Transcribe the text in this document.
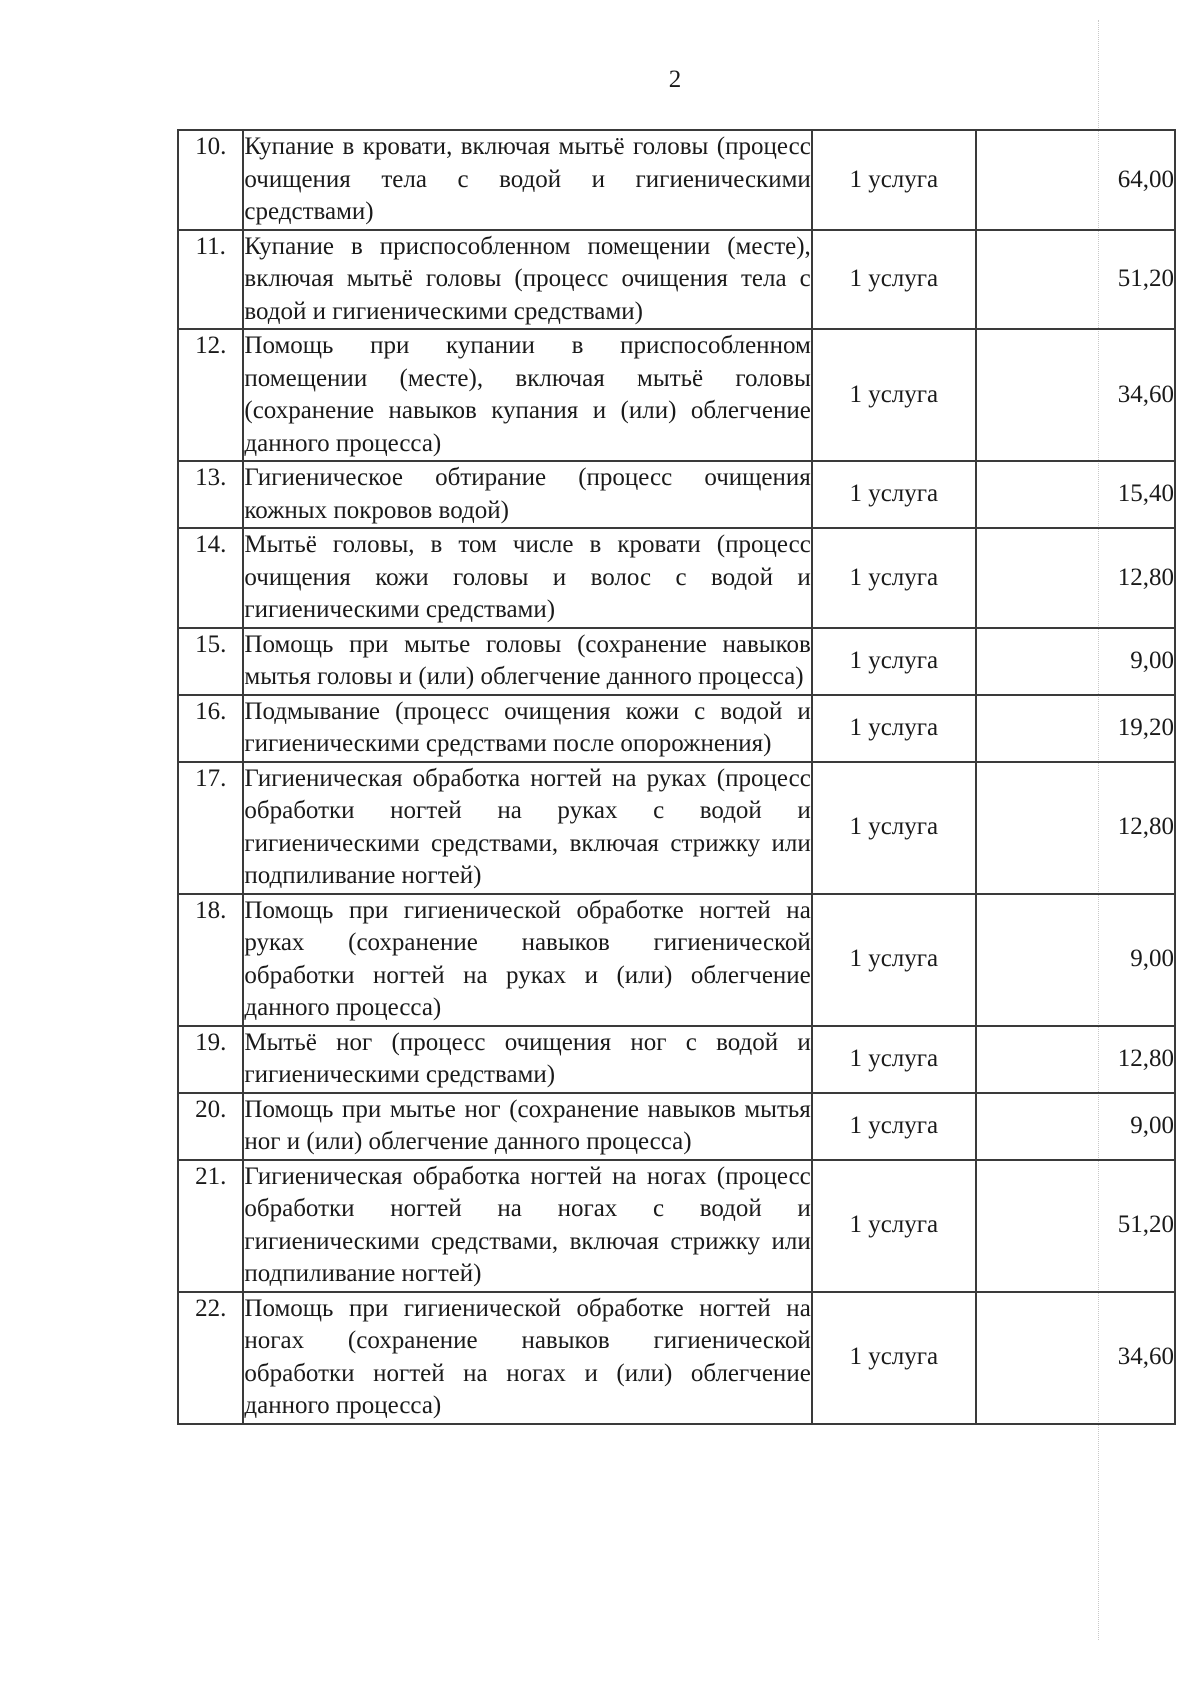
2
10.	Купание в кровати, включая мытьё головы (процесс очищения тела с водой и гигиеническими средствами)	1 услуга	64,00
11.	Купание в приспособленном помещении (месте), включая мытьё головы (процесс очищения тела с водой и гигиеническими средствами)	1 услуга	51,20
12.	Помощь при купании в приспособленном помещении (месте), включая мытьё головы (сохранение навыков купания и (или) облегчение данного процесса)	1 услуга	34,60
13.	Гигиеническое обтирание (процесс очищения кожных покровов водой)	1 услуга	15,40
14.	Мытьё головы, в том числе в кровати (процесс очищения кожи головы и волос с водой и гигиеническими средствами)	1 услуга	12,80
15.	Помощь при мытье головы (сохранение навыков мытья головы и (или) облегчение данного процесса)	1 услуга	9,00
16.	Подмывание (процесс очищения кожи с водой и гигиеническими средствами после опорожнения)	1 услуга	19,20
17.	Гигиеническая обработка ногтей на руках (процесс обработки ногтей на руках с водой и гигиеническими средствами, включая стрижку или подпиливание ногтей)	1 услуга	12,80
18.	Помощь при гигиенической обработке ногтей на руках (сохранение навыков гигиенической обработки ногтей на руках и (или) облегчение данного процесса)	1 услуга	9,00
19.	Мытьё ног (процесс очищения ног с водой и гигиеническими средствами)	1 услуга	12,80
20.	Помощь при мытье ног (сохранение навыков мытья ног и (или) облегчение данного процесса)	1 услуга	9,00
21.	Гигиеническая обработка ногтей на ногах (процесс обработки ногтей на ногах с водой и гигиеническими средствами, включая стрижку или подпиливание ногтей)	1 услуга	51,20
22.	Помощь при гигиенической обработке ногтей на ногах (сохранение навыков гигиенической обработки ногтей на ногах и (или) облегчение данного процесса)	1 услуга	34,60
